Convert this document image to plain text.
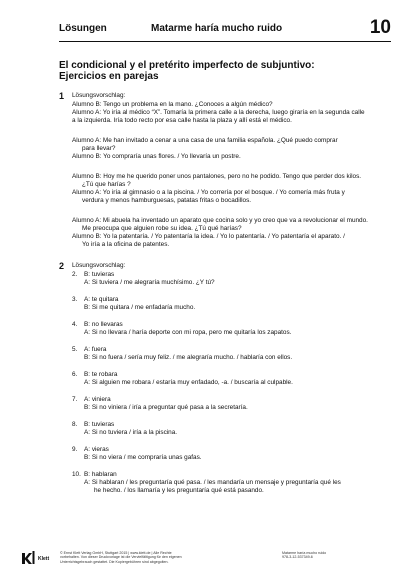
Lösungen	Matarme haría mucho ruido	10
El condicional y el pretérito imperfecto de subjuntivo:
Ejercicios en parejas
1 Lösungsvorschlag:
Alumno B: Tengo un problema en la mano. ¿Conoces a algún médico?
Alumno A: Yo iría al médico “X”. Tomaría la primera calle a la derecha, luego giraría en la segunda calle
a la izquierda. Iría todo recto por esa calle hasta la plaza y allí está el médico.
Alumno A: Me han invitado a cenar a una casa de una familia española. ¿Qué puedo comprar
para llevar?
Alumno B: Yo compraría unas flores. / Yo llevaría un postre.
Alumno B: Hoy me he querido poner unos pantalones, pero no he podido. Tengo que perder dos kilos.
¿Tú que harías ?
Alumno A: Yo iría al gimnasio o a la piscina. / Yo correría por el bosque. / Yo comería más fruta y
verdura y menos hamburguesas, patatas fritas o bocadillos.
Alumno A: Mi abuela ha inventado un aparato que cocina solo y yo creo que va a revolucionar el mundo.
Me preocupa que alguien robe su idea. ¿Tú qué harías?
Alumno B: Yo la patentaría. / Yo patentaría la idea. / Yo lo patentaría. / Yo patentaría el aparato. /
Yo iría a la oficina de patentes.
2 Lösungsvorschlag:
2. B: tuvieras
A: Si tuviera / me alegraría muchísimo. ¿Y tú?
3. A: te quitara
B: Si me quitara / me enfadaría mucho.
4. B: no llevaras
A: Si no llevara / haría deporte con mi ropa, pero me quitaría los zapatos.
5. A: fuera
B: Si no fuera / sería muy feliz. / me alegraría mucho. / hablaría con ellos.
6. B: te robara
A: Si alguien me robara / estaría muy enfadado, -a. / buscaría al culpable.
7. A: viniera
B: Si no viniera / iría a preguntar qué pasa a la secretaría.
8. B: tuvieras
A: Si no tuviera / iría a la piscina.
9. A: vieras
B: Si no viera / me compraría unas gafas.
10. B: hablaran
A: Si hablaran / les preguntaría qué pasa. / les mandaría un mensaje y preguntaría qué les
he hecho. / los llamaría y les preguntaría qué está pasando.
Klett
© Ernst Klett Verlag GmbH, Stuttgart 2015 | www.klett.de | Alle Rechte
vorbehalten. Von dieser Druckvorlage ist die Vervielfältigung für den eigenen
Unterrichtsgebrauch gestattet. Die Kopiergebühren sind abgegolten.
Matarme haría mucho ruido
978-3-12-537349-6
